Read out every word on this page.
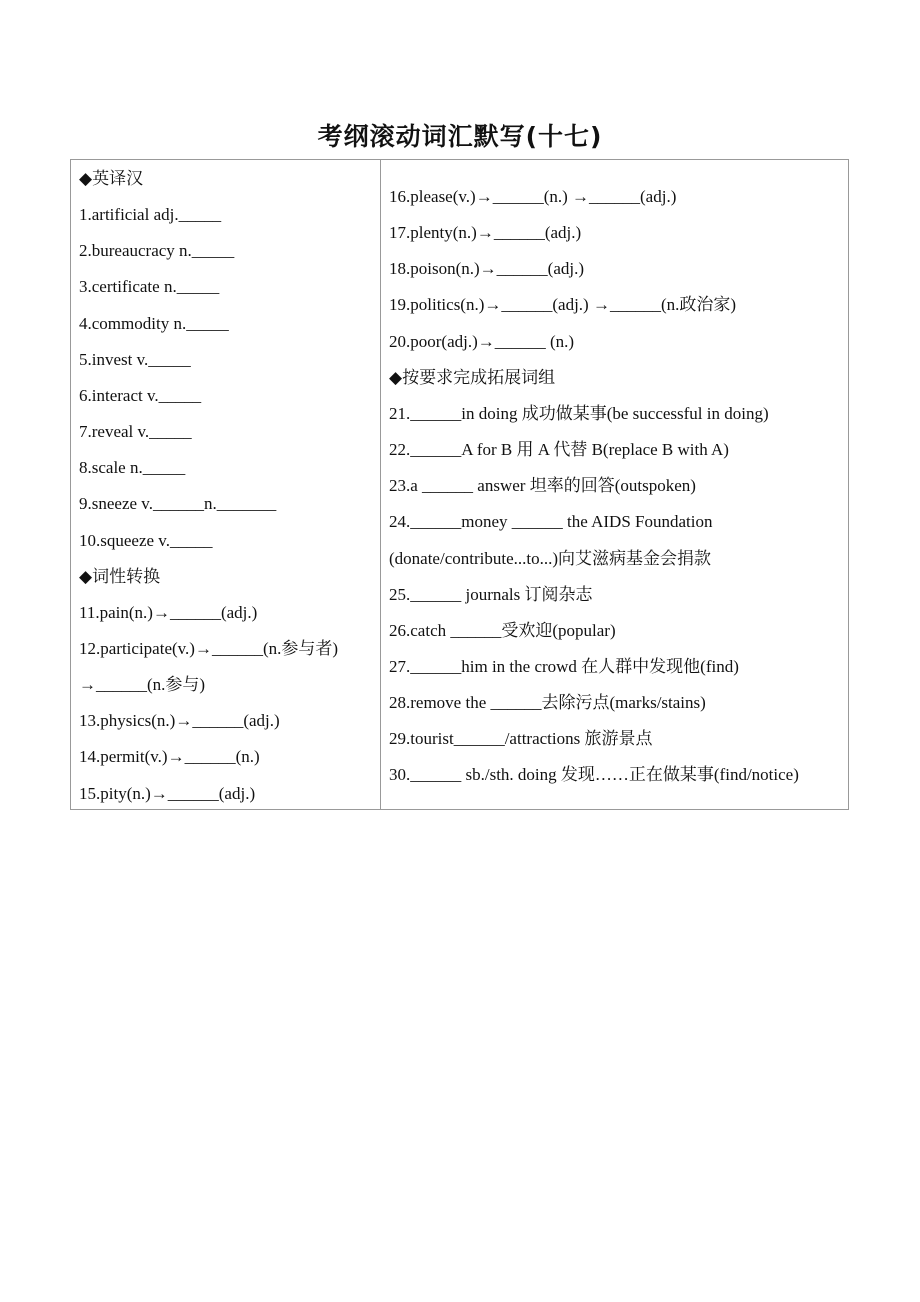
考纲滚动词汇默写(十七)
◆英译汉
1.artificial adj._____
2.bureaucracy n._____
3.certificate n._____
4.commodity n._____
5.invest v._____
6.interact v._____
7.reveal v._____
8.scale n._____
9.sneeze v.______n._______
10.squeeze v._____
◆词性转换
11.pain(n.)→______(adj.)
12.participate(v.)→______(n.参与者)
→______(n.参与)
13.physics(n.)→______(adj.)
14.permit(v.)→______(n.)
15.pity(n.)→______(adj.)
16.please(v.)→______(n.) →______(adj.)
17.plenty(n.)→______(adj.)
18.poison(n.)→______(adj.)
19.politics(n.)→______(adj.) →______(n.政治家)
20.poor(adj.)→______ (n.)
◆按要求完成拓展词组
21.______in doing 成功做某事(be successful in doing)
22.______A for B 用 A 代替 B(replace B with A)
23.a ______ answer 坦率的回答(outspoken)
24.______money ______ the AIDS Foundation
(donate/contribute...to...)向艾滋病基金会捐款
25.______ journals 订阅杂志
26.catch ______受欢迎(popular)
27.______him in the crowd 在人群中发现他(find)
28.remove the ______去除污点(marks/stains)
29.tourist______/attractions 旅游景点
30.______ sb./sth. doing 发现……正在做某事(find/notice)
